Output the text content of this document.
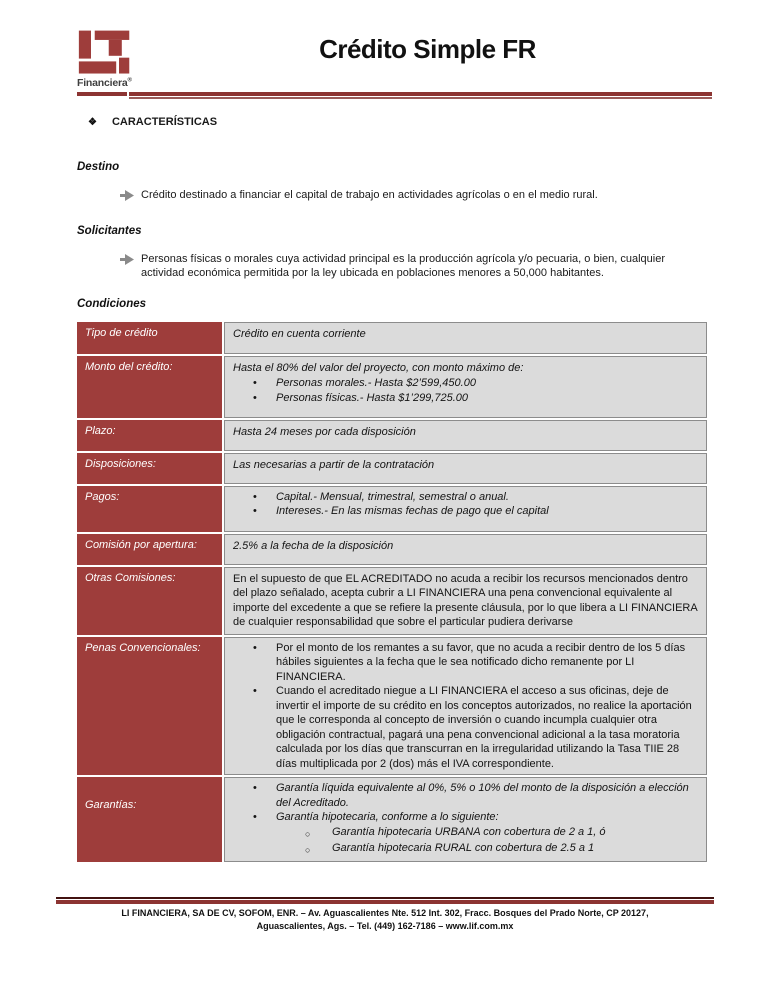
Financiera®
Crédito Simple FR
❖ CARACTERÍSTICAS
Destino
Crédito destinado a financiar el capital de trabajo en actividades agrícolas o en el medio rural.
Solicitantes
Personas físicas o morales cuya actividad principal es la producción agrícola y/o pecuaria, o bien, cualquier actividad económica permitida por la ley ubicada en poblaciones menores a 50,000 habitantes.
Condiciones
Tipo de crédito	Crédito en cuenta corriente
Monto del crédito:	Hasta el 80% del valor del proyecto, con monto máximo de:
•	Personas morales.- Hasta $2’599,450.00
•	Personas físicas.- Hasta $1’299,725.00
Plazo:	Hasta 24 meses por cada disposición
Disposiciones:	Las necesarias a partir de la contratación
Pagos:	•	Capital.- Mensual, trimestral, semestral o anual.
•	Intereses.- En las mismas fechas de pago que el capital
Comisión por apertura:	2.5% a la fecha de la disposición
Otras Comisiones:	En el supuesto de que EL ACREDITADO no acuda a recibir los recursos mencionados dentro del plazo señalado, acepta cubrir a LI FINANCIERA una pena convencional equivalente al importe del excedente a que se refiere la presente cláusula, por lo que libera a LI FINANCIERA de cualquier responsabilidad que sobre el particular pudiera derivarse
Penas Convencionales:	•	Por el monto de los remantes a su favor, que no acuda a recibir dentro de los 5 días hábiles siguientes a la fecha que le sea notificado dicho remanente por LI FINANCIERA.
•	Cuando el acreditado niegue a LI FINANCIERA el acceso a sus oficinas, deje de invertir el importe de su crédito en los conceptos autorizados, no realice la aportación que le corresponda al concepto de inversión o cuando incumpla cualquier otra obligación contractual, pagará una pena convencional adicional a la tasa moratoria calculada por los días que transcurran en la irregularidad utilizando la Tasa TIIE 28 días multiplicada por 2 (dos) más el IVA correspondiente.
Garantías:
•	Garantía líquida equivalente al 0%, 5% o 10% del monto de la disposición a elección del Acreditado.
•	Garantía hipotecaria, conforme a lo siguiente:
○	Garantía hipotecaria URBANA con cobertura de 2 a 1, ó
○	Garantía hipotecaria RURAL con cobertura de 2.5 a 1
LI FINANCIERA, SA DE CV, SOFOM, ENR. – Av. Aguascalientes Nte. 512 Int. 302, Fracc. Bosques del Prado Norte, CP 20127,
Aguascalientes, Ags. – Tel. (449) 162-7186 – www.lif.com.mx
